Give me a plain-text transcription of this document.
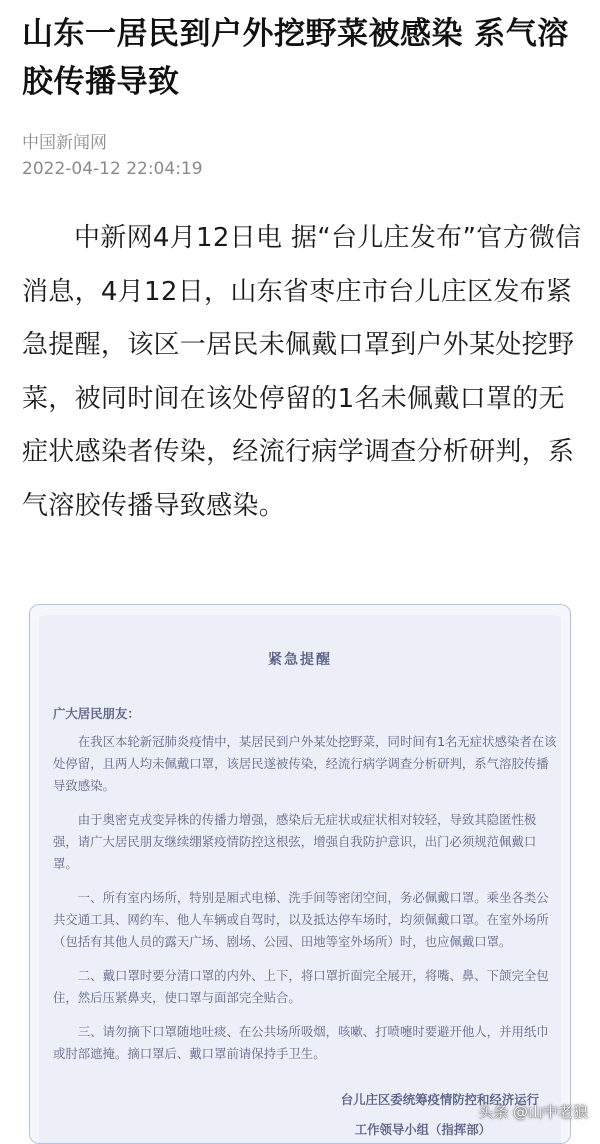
山东一居民到户外挖野菜被感染 系气溶胶传播导致
中国新闻网
2022-04-12 22:04:19

中新网4月12日电 据“台儿庄发布”官方微信消息，4月12日，山东省枣庄市台儿庄区发布紧急提醒，该区一居民未佩戴口罩到户外某处挖野菜，被同时间在该处停留的1名未佩戴口罩的无症状感染者传染，经流行病学调查分析研判，系气溶胶传播导致感染。

紧急提醒
广大居民朋友：

在我区本轮新冠肺炎疫情中，某居民到户外某处挖野菜，同时间有1名无症状感染者在该处停留，且两人均未佩戴口罩，该居民遂被传染，经流行病学调查分析研判，系气溶胶传播导致感染。

由于奥密克戎变异株的传播力增强，感染后无症状或症状相对较轻，导致其隐匿性极强，请广大居民朋友继续绷紧疫情防控这根弦，增强自我防护意识，出门必须规范佩戴口罩。

一、所有室内场所，特别是厢式电梯、洗手间等密闭空间，务必佩戴口罩。乘坐各类公共交通工具、网约车、他人车辆或自驾时，以及抵达停车场时，均须佩戴口罩。在室外场所（包括有其他人员的露天广场、剧场、公园、田地等室外场所）时，也应佩戴口罩。

二、戴口罩时要分清口罩的内外、上下，将口罩折面完全展开，将嘴、鼻、下颌完全包住，然后压紧鼻夹，使口罩与面部完全贴合。

三、请勿摘下口罩随地吐痰、在公共场所吸烟，咳嗽、打喷嚏时要避开他人，并用纸巾或肘部遮掩。摘口罩后、戴口罩前请保持手卫生。

台儿庄区委统筹疫情防控和经济运行
工作领导小组（指挥部）
头条 @山中老狼
